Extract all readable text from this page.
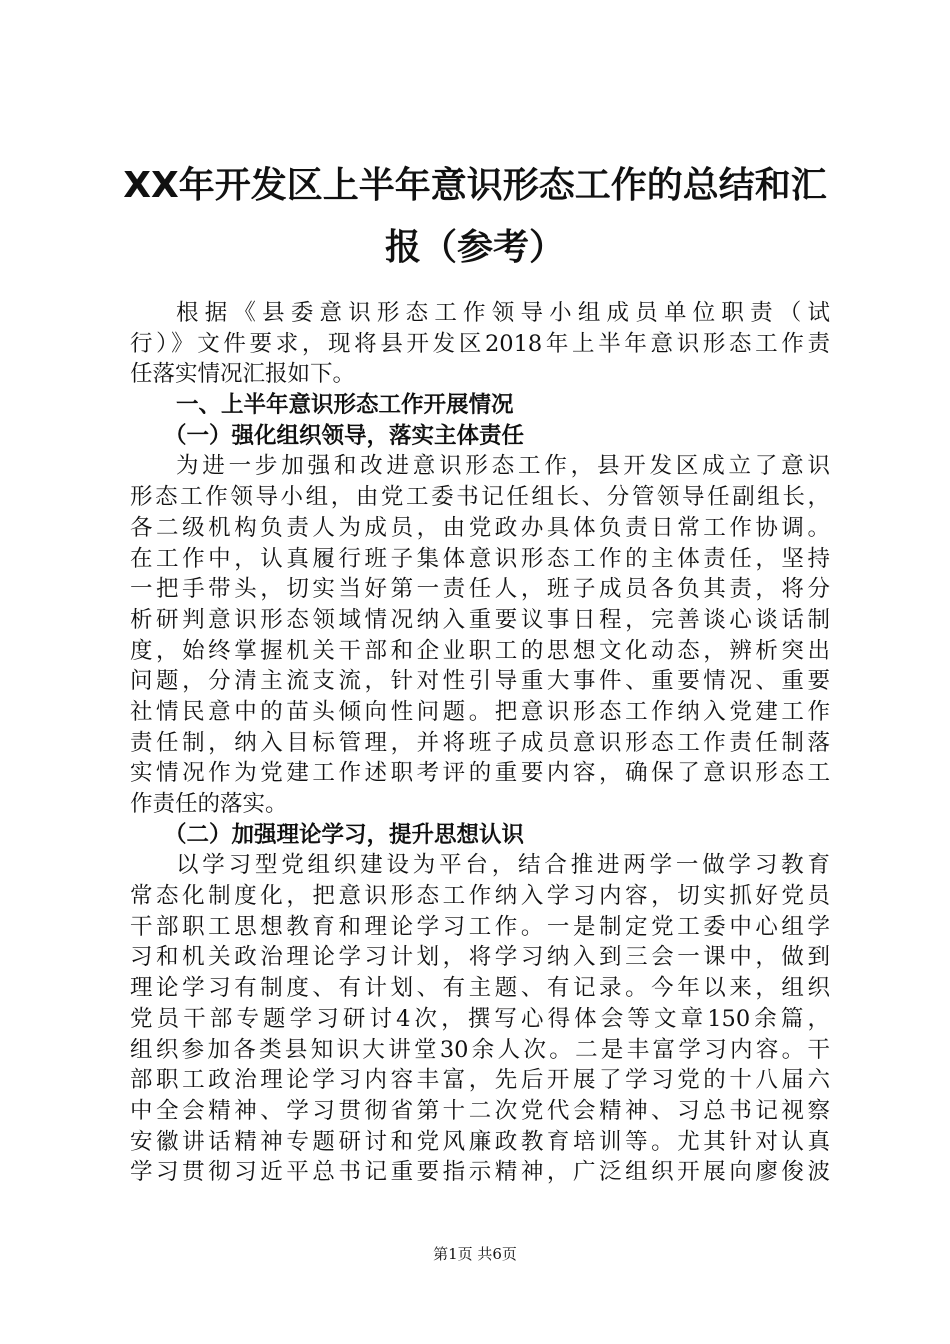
XX年开发区上半年意识形态工作的总结和汇
报（参考）
根据《县委意识形态工作领导小组成员单位职责（试
行）》文件要求，现将县开发区2018年上半年意识形态工作责
任落实情况汇报如下。
一、上半年意识形态工作开展情况
（一）强化组织领导，落实主体责任
为进一步加强和改进意识形态工作，县开发区成立了意识
形态工作领导小组，由党工委书记任组长、分管领导任副组长，
各二级机构负责人为成员，由党政办具体负责日常工作协调。
在工作中，认真履行班子集体意识形态工作的主体责任，坚持
一把手带头，切实当好第一责任人，班子成员各负其责，将分
析研判意识形态领域情况纳入重要议事日程，完善谈心谈话制
度，始终掌握机关干部和企业职工的思想文化动态，辨析突出
问题，分清主流支流，针对性引导重大事件、重要情况、重要
社情民意中的苗头倾向性问题。把意识形态工作纳入党建工作
责任制，纳入目标管理，并将班子成员意识形态工作责任制落
实情况作为党建工作述职考评的重要内容，确保了意识形态工
作责任的落实。
（二）加强理论学习，提升思想认识
以学习型党组织建设为平台，结合推进两学一做学习教育
常态化制度化，把意识形态工作纳入学习内容，切实抓好党员
干部职工思想教育和理论学习工作。一是制定党工委中心组学
习和机关政治理论学习计划，将学习纳入到三会一课中，做到
理论学习有制度、有计划、有主题、有记录。今年以来，组织
党员干部专题学习研讨4次，撰写心得体会等文章150余篇，
组织参加各类县知识大讲堂30余人次。二是丰富学习内容。干
部职工政治理论学习内容丰富，先后开展了学习党的十八届六
中全会精神、学习贯彻省第十二次党代会精神、习总书记视察
安徽讲话精神专题研讨和党风廉政教育培训等。尤其针对认真
学习贯彻习近平总书记重要指示精神，广泛组织开展向廖俊波
第1页 共6页
